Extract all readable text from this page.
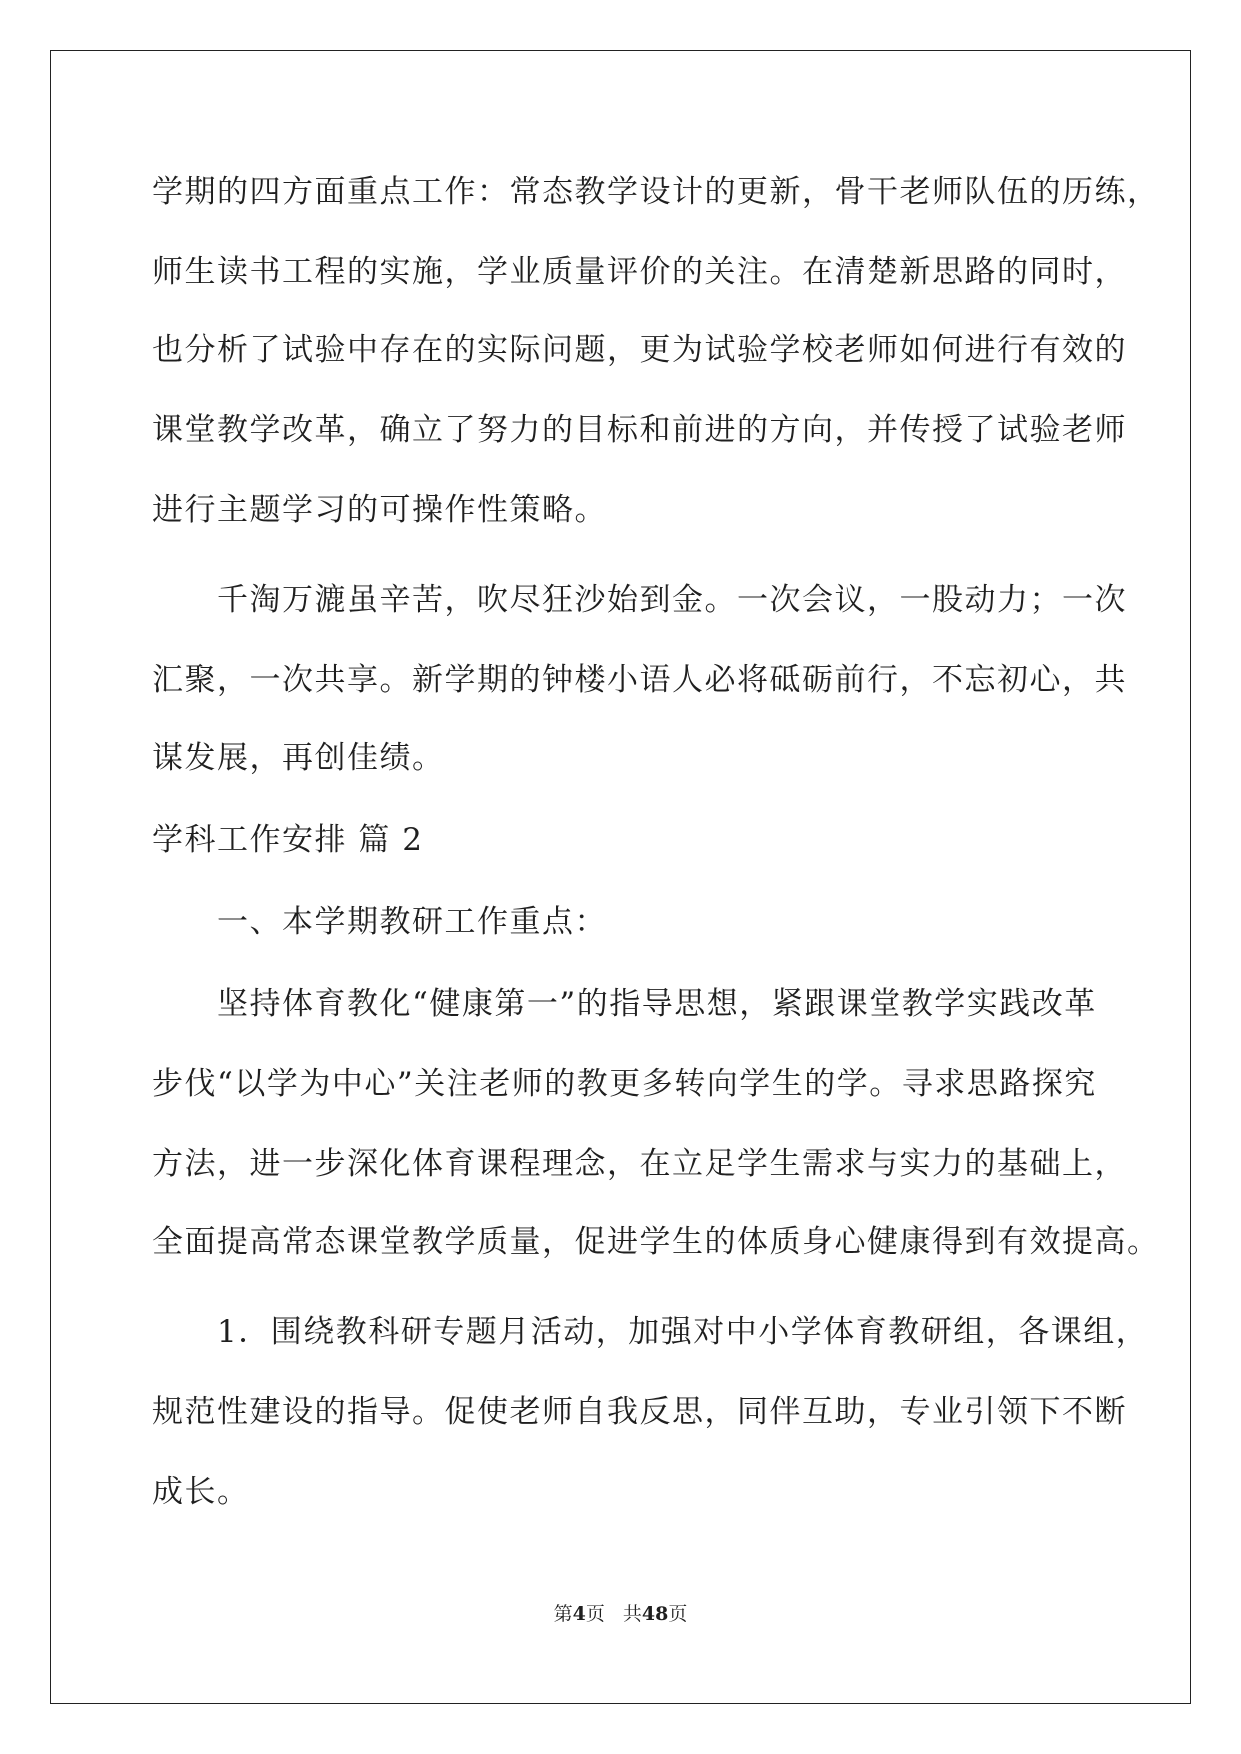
学期的四方面重点工作：常态教学设计的更新，骨干老师队伍的历练，
师生读书工程的实施，学业质量评价的关注。在清楚新思路的同时，
也分析了试验中存在的实际问题，更为试验学校老师如何进行有效的
课堂教学改革，确立了努力的目标和前进的方向，并传授了试验老师
进行主题学习的可操作性策略。
　　千淘万漉虽辛苦，吹尽狂沙始到金。一次会议，一股动力；一次
汇聚，一次共享。新学期的钟楼小语人必将砥砺前行，不忘初心，共
谋发展，再创佳绩。
学科工作安排 篇 2
　　一、本学期教研工作重点：
　　坚持体育教化“健康第一”的指导思想，紧跟课堂教学实践改革
步伐“以学为中心”关注老师的教更多转向学生的学。寻求思路探究
方法，进一步深化体育课程理念，在立足学生需求与实力的基础上，
全面提高常态课堂教学质量，促进学生的体质身心健康得到有效提高。
　　1．围绕教科研专题月活动，加强对中小学体育教研组，各课组，
规范性建设的指导。促使老师自我反思，同伴互助，专业引领下不断
成长。
第4页 共48页
